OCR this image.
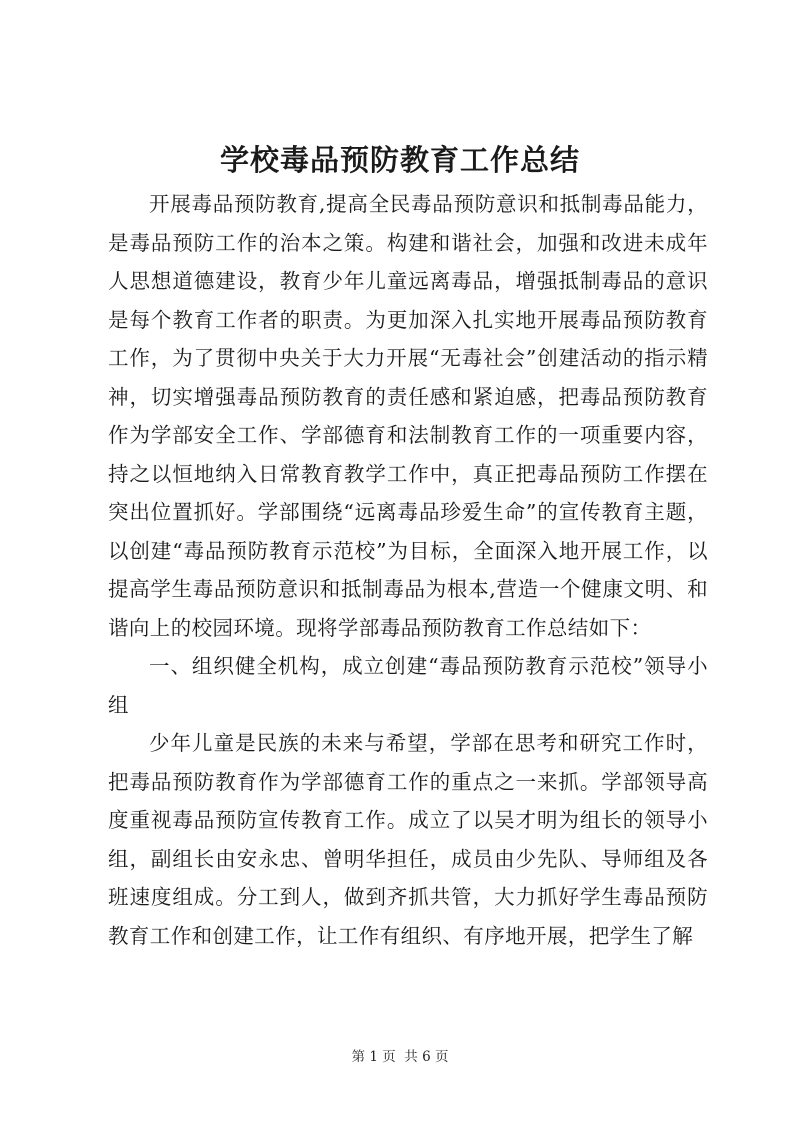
学校毒品预防教育工作总结

开展毒品预防教育,提高全民毒品预防意识和抵制毒品能力，是毒品预防工作的治本之策。构建和谐社会，加强和改进未成年人思想道德建设，教育少年儿童远离毒品，增强抵制毒品的意识是每个教育工作者的职责。为更加深入扎实地开展毒品预防教育工作，为了贯彻中央关于大力开展“无毒社会”创建活动的指示精神，切实增强毒品预防教育的责任感和紧迫感，把毒品预防教育作为学部安全工作、学部德育和法制教育工作的一项重要内容，持之以恒地纳入日常教育教学工作中，真正把毒品预防工作摆在突出位置抓好。学部围绕“远离毒品珍爱生命”的宣传教育主题，以创建“毒品预防教育示范校”为目标，全面深入地开展工作，以提高学生毒品预防意识和抵制毒品为根本,营造一个健康文明、和谐向上的校园环境。现将学部毒品预防教育工作总结如下：

一、组织健全机构，成立创建“毒品预防教育示范校”领导小组

少年儿童是民族的未来与希望，学部在思考和研究工作时，把毒品预防教育作为学部德育工作的重点之一来抓。学部领导高度重视毒品预防宣传教育工作。成立了以吴才明为组长的领导小组，副组长由安永忠、曾明华担任，成员由少先队、导师组及各班速度组成。分工到人，做到齐抓共管，大力抓好学生毒品预防教育工作和创建工作，让工作有组织、有序地开展，把学生了解

第 1 页 共 6 页
